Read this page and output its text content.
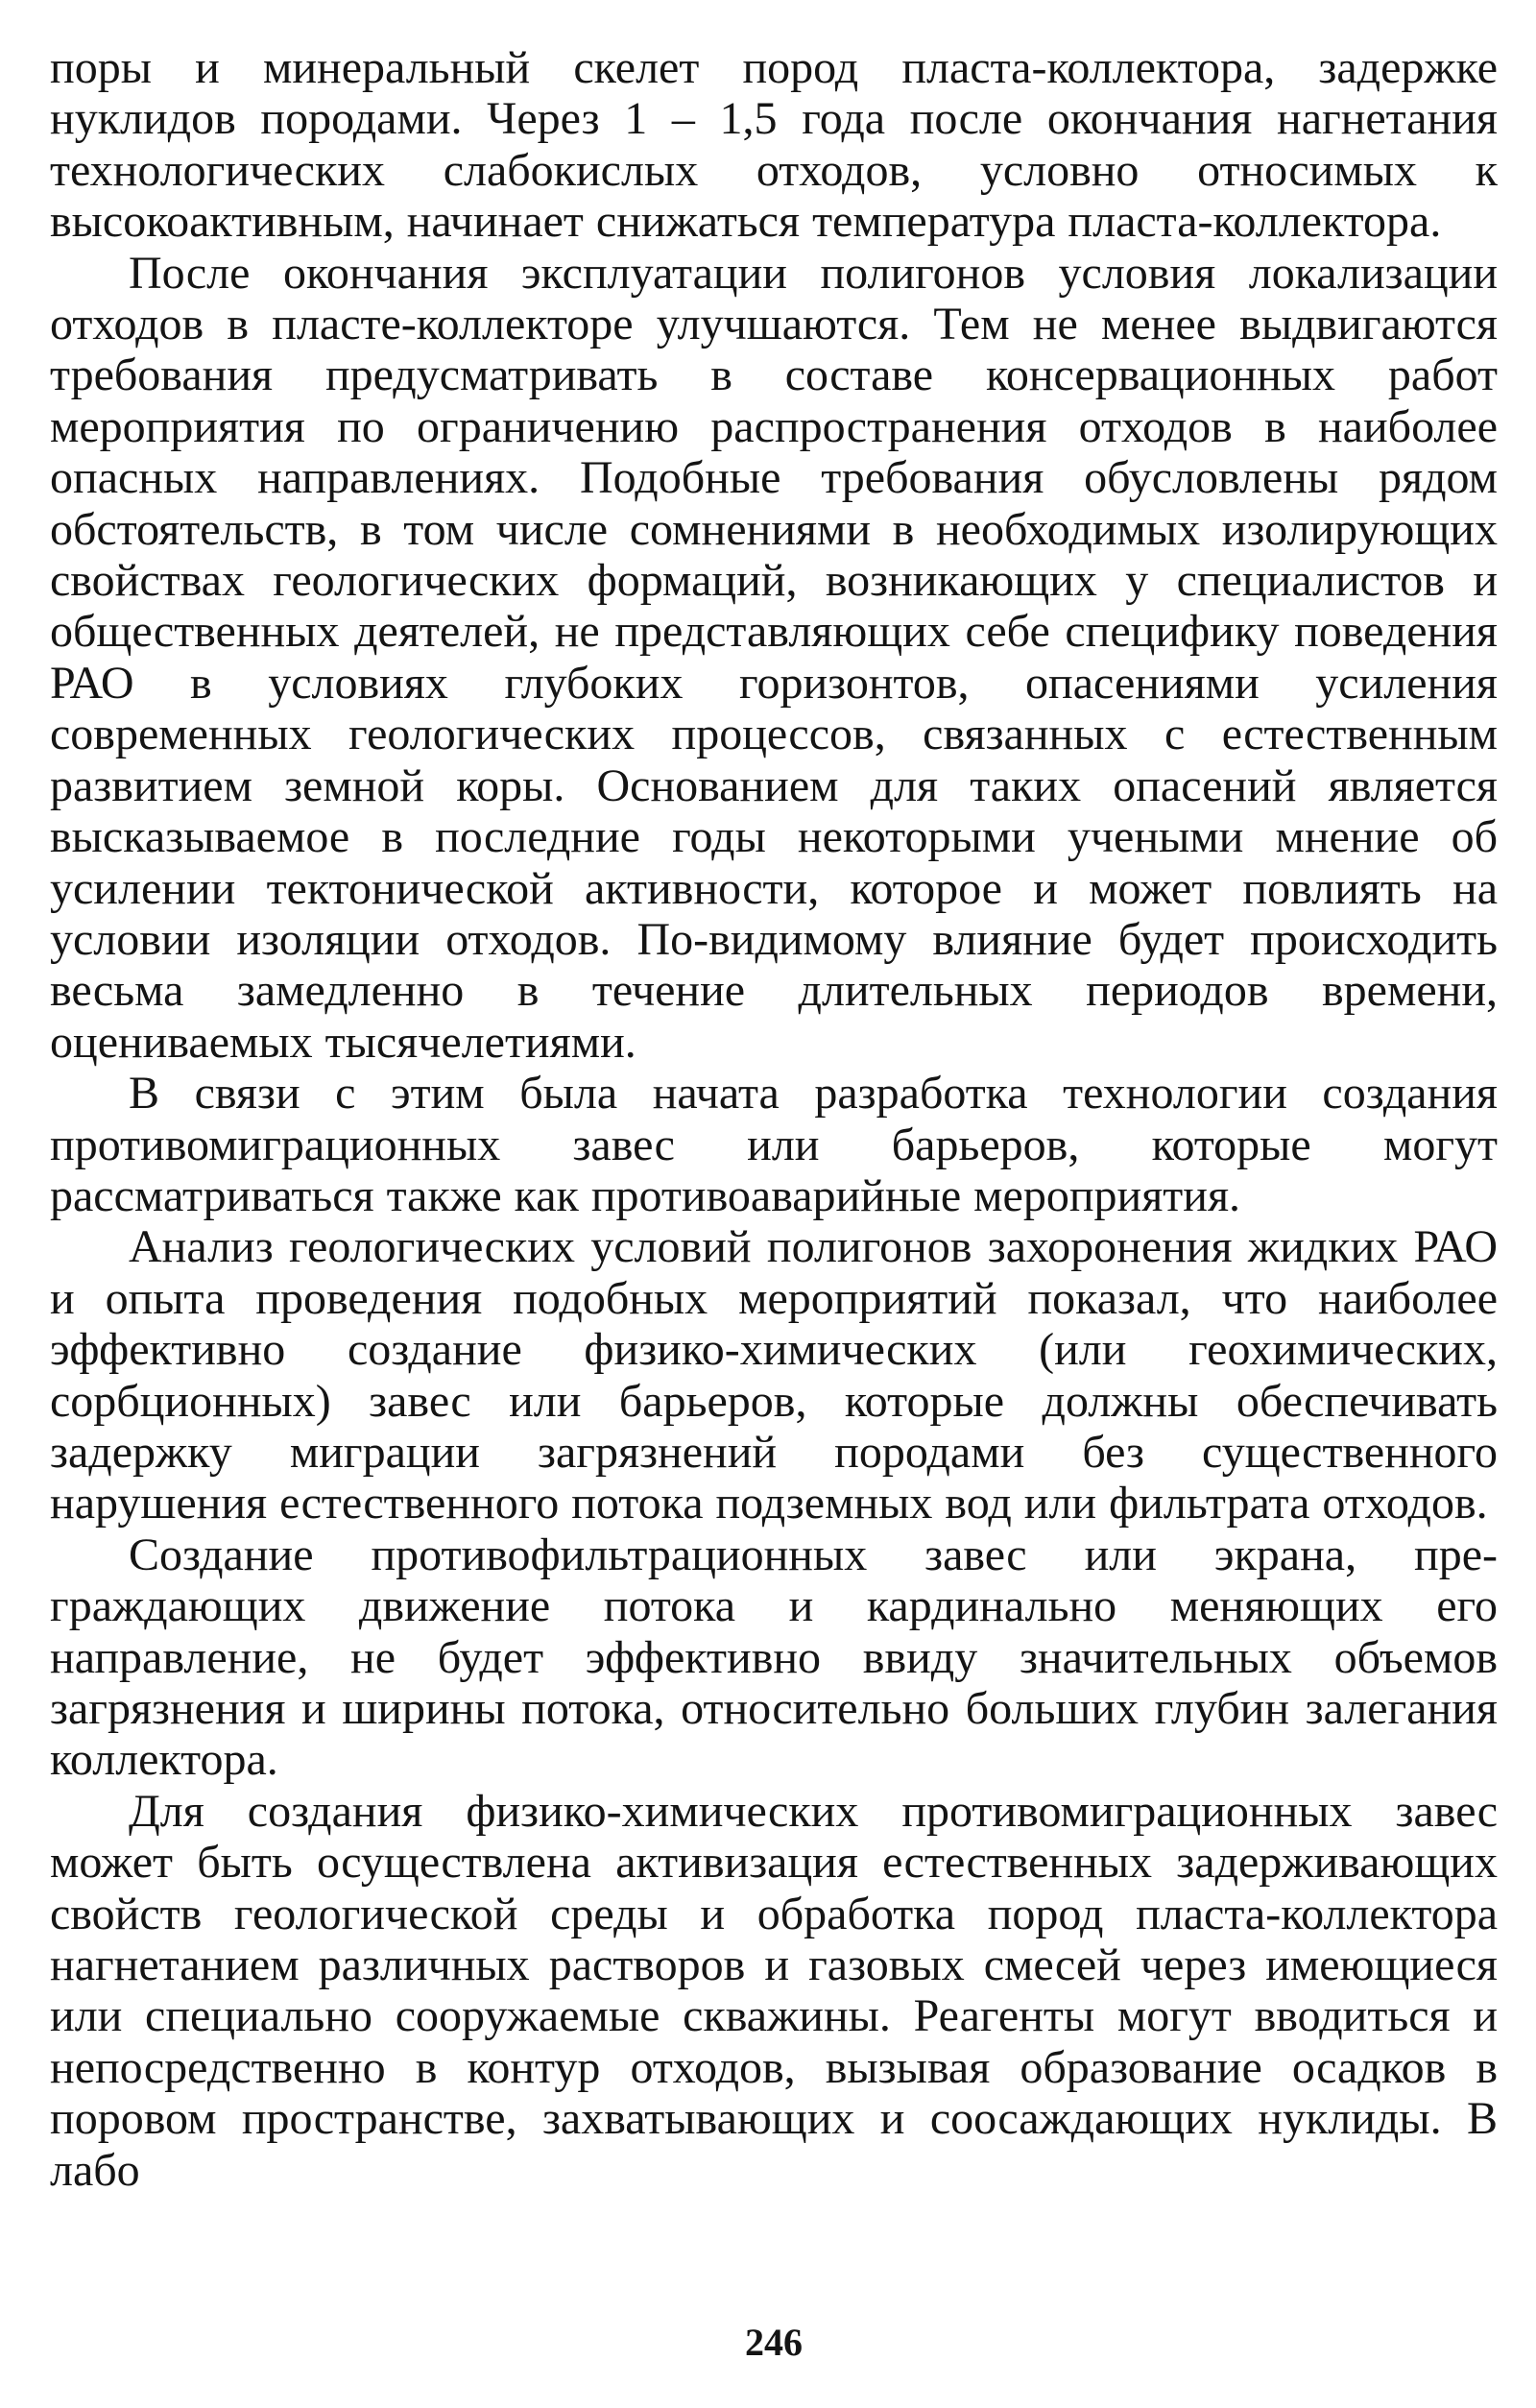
поры и минеральный скелет пород пласта-коллектора, задержке нуклидов породами. Через 1 – 1,5 года после окончания нагнетания технологических слабокислых отходов, условно относимых к высокоактивным, начинает снижаться температура пласта-коллектора.

После окончания эксплуатации полигонов условия локализации отходов в пласте-коллекторе улучшаются. Тем не менее выдвигаются требования предусматривать в составе консервационных работ мероприятия по ограничению распространения отходов в наиболее опасных направлениях. Подобные требования обусловлены рядом обстоятельств, в том числе сомнениями в необходимых изолирующих свойствах геологических формаций, возникающих у специалистов и общественных деятелей, не представляющих себе специфику поведения РАО в условиях глубоких горизонтов, опасениями усиления современных геологических процессов, связанных с естественным развитием земной коры. Основанием для таких опасений является высказываемое в последние годы некоторыми учеными мнение об усилении тектонической активности, которое и может повлиять на условии изоляции отходов. По-видимому влияние будет происходить весьма замедленно в течение длительных периодов времени, оцениваемых тысячелетиями.

В связи с этим была начата разработка технологии создания противомиграционных завес или барьеров, которые могут рассматриваться также как противоаварийные мероприятия.

Анализ геологических условий полигонов захоронения жидких РАО и опыта проведения подобных мероприятий показал, что наиболее эффективно создание физико-химических (или геохимических, сорбционных) завес или барьеров, которые должны обеспечивать задержку миграции загрязнений породами без существенного нарушения естественного потока подземных вод или фильтрата отходов.

Создание противофильтрационных завес или экрана, преграждающих движение потока и кардинально меняющих его направление, не будет эффективно ввиду значительных объемов загрязнения и ширины потока, относительно больших глубин залегания коллектора.

Для создания физико-химических противомиграционных завес может быть осуществлена активизация естественных задерживающих свойств геологической среды и обработка пород пласта-коллектора нагнетанием различных растворов и газовых смесей через имеющиеся или специально сооружаемые скважины. Реагенты могут вводиться и непосредственно в контур отходов, вызывая образование осадков в поровом пространстве, захватывающих и соосаждающих нуклиды. В лабо

246
